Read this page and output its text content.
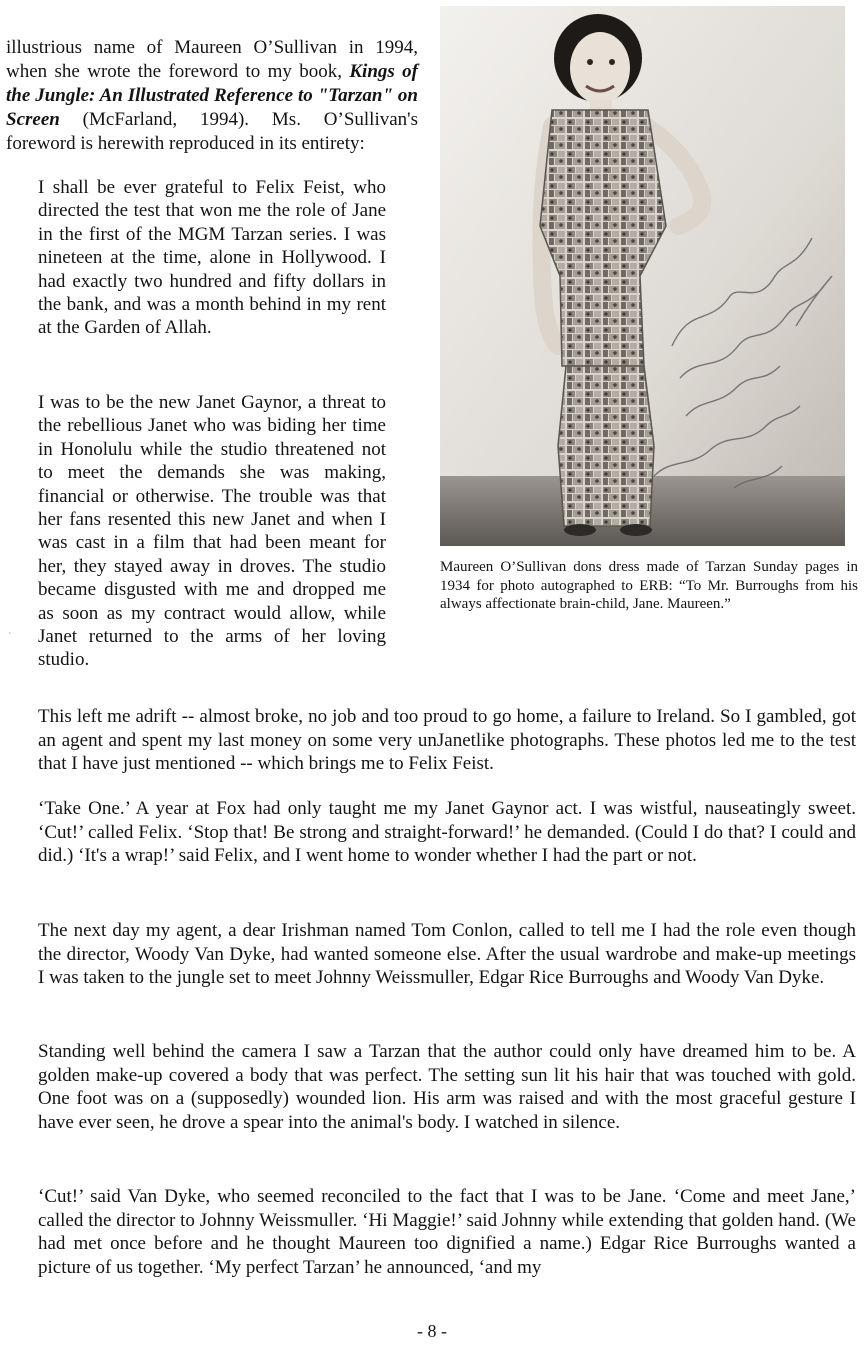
illustrious name of Maureen O’Sullivan in 1994, when she wrote the foreword to my book, Kings of the Jungle: An Illustrated Reference to "Tarzan" on Screen (McFarland, 1994). Ms. O’Sullivan's foreword is herewith reproduced in its entirety:
I shall be ever grateful to Felix Feist, who directed the test that won me the role of Jane in the first of the MGM Tarzan series. I was nineteen at the time, alone in Hollywood. I had exactly two hundred and fifty dollars in the bank, and was a month behind in my rent at the Garden of Allah.
I was to be the new Janet Gaynor, a threat to the rebellious Janet who was biding her time in Honolulu while the studio threatened not to meet the demands she was making, financial or otherwise. The trouble was that her fans resented this new Janet and when I was cast in a film that had been meant for her, they stayed away in droves. The studio became disgusted with me and dropped me as soon as my contract would allow, while Janet returned to the arms of her loving studio.
`
Maureen O’Sullivan dons dress made of Tarzan Sunday pages in 1934 for photo autographed to ERB: “To Mr. Burroughs from his always affectionate brain-child, Jane. Maureen.”
This left me adrift -- almost broke, no job and too proud to go home, a failure to Ireland. So I gambled, got an agent and spent my last money on some very unJanetlike photographs. These photos led me to the test that I have just mentioned -- which brings me to Felix Feist.
‘Take One.’ A year at Fox had only taught me my Janet Gaynor act. I was wistful, nauseatingly sweet. ‘Cut!’ called Felix. ‘Stop that! Be strong and straight-forward!’ he demanded. (Could I do that? I could and did.) ‘It's a wrap!’ said Felix, and I went home to wonder whether I had the part or not.
The next day my agent, a dear Irishman named Tom Conlon, called to tell me I had the role even though the director, Woody Van Dyke, had wanted someone else. After the usual wardrobe and make-up meetings I was taken to the jungle set to meet Johnny Weissmuller, Edgar Rice Burroughs and Woody Van Dyke.
Standing well behind the camera I saw a Tarzan that the author could only have dreamed him to be. A golden make-up covered a body that was perfect. The setting sun lit his hair that was touched with gold. One foot was on a (supposedly) wounded lion. His arm was raised and with the most graceful gesture I have ever seen, he drove a spear into the animal's body. I watched in silence.
‘Cut!’ said Van Dyke, who seemed reconciled to the fact that I was to be Jane. ‘Come and meet Jane,’ called the director to Johnny Weissmuller. ‘Hi Maggie!’ said Johnny while extending that golden hand. (We had met once before and he thought Maureen too dignified a name.) Edgar Rice Burroughs wanted a picture of us together. ‘My perfect Tarzan’ he announced, ‘and my
- 8 -
